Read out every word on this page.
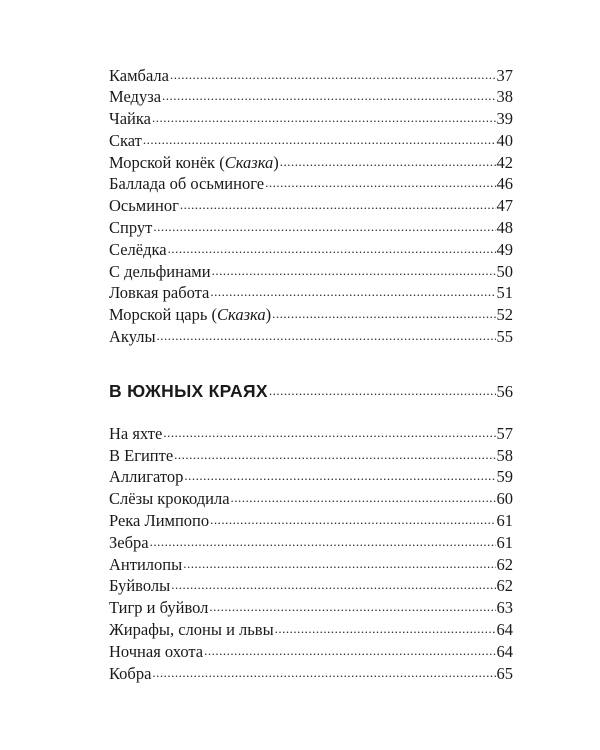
Камбала .....	37
Медуза .....	38
Чайка .....	39
Скат .....	40
Морской конёк (Сказка) .....	42
Баллада об осьминоге .....	46
Осьминог .....	47
Спрут .....	48
Селёдка .....	49
С дельфинами .....	50
Ловкая работа .....	51
Морской царь (Сказка) .....	52
Акулы .....	55
В ЮЖНЫХ КРАЯХ .....	56
На яхте .....	57
В Египте .....	58
Аллигатор .....	59
Слёзы крокодила .....	60
Река Лимпопо .....	61
Зебра .....	61
Антилопы .....	62
Буйволы .....	62
Тигр и буйвол .....	63
Жирафы, слоны и львы .....	64
Ночная охота .....	64
Кобра .....	65
